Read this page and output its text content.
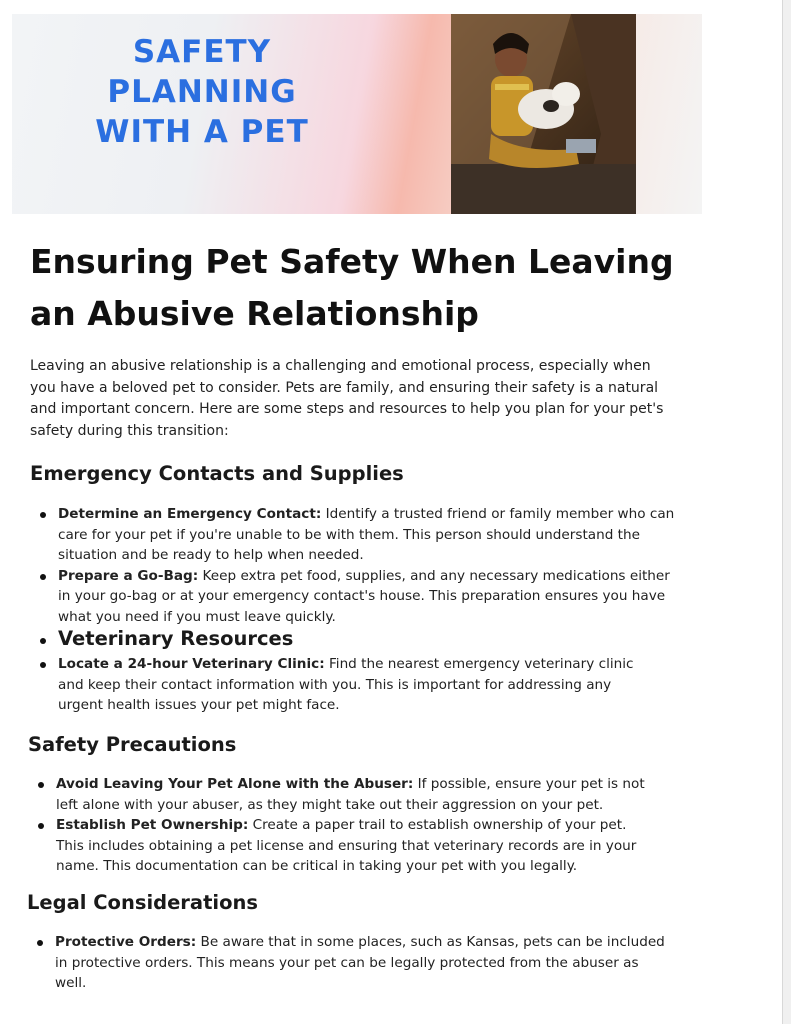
SAFETY
PLANNING
WITH A PET
Ensuring Pet Safety When Leaving an Abusive Relationship

Leaving an abusive relationship is a challenging and emotional process, especially when you have a beloved pet to consider. Pets are family, and ensuring their safety is a natural and important concern. Here are some steps and resources to help you plan for your pet's safety during this transition:

Emergency Contacts and Supplies
Determine an Emergency Contact: Identify a trusted friend or family member who can care for your pet if you're unable to be with them. This person should understand the situation and be ready to help when needed.
Prepare a Go-Bag: Keep extra pet food, supplies, and any necessary medications either in your go-bag or at your emergency contact's house. This preparation ensures you have what you need if you must leave quickly.
Veterinary Resources
Locate a 24-hour Veterinary Clinic: Find the nearest emergency veterinary clinic and keep their contact information with you. This is important for addressing any urgent health issues your pet might face.
Safety Precautions
Avoid Leaving Your Pet Alone with the Abuser: If possible, ensure your pet is not left alone with your abuser, as they might take out their aggression on your pet.
Establish Pet Ownership: Create a paper trail to establish ownership of your pet. This includes obtaining a pet license and ensuring that veterinary records are in your name. This documentation can be critical in taking your pet with you legally.
Legal Considerations
Protective Orders: Be aware that in some places, such as Kansas, pets can be included in protective orders. This means your pet can be legally protected from the abuser as well.
